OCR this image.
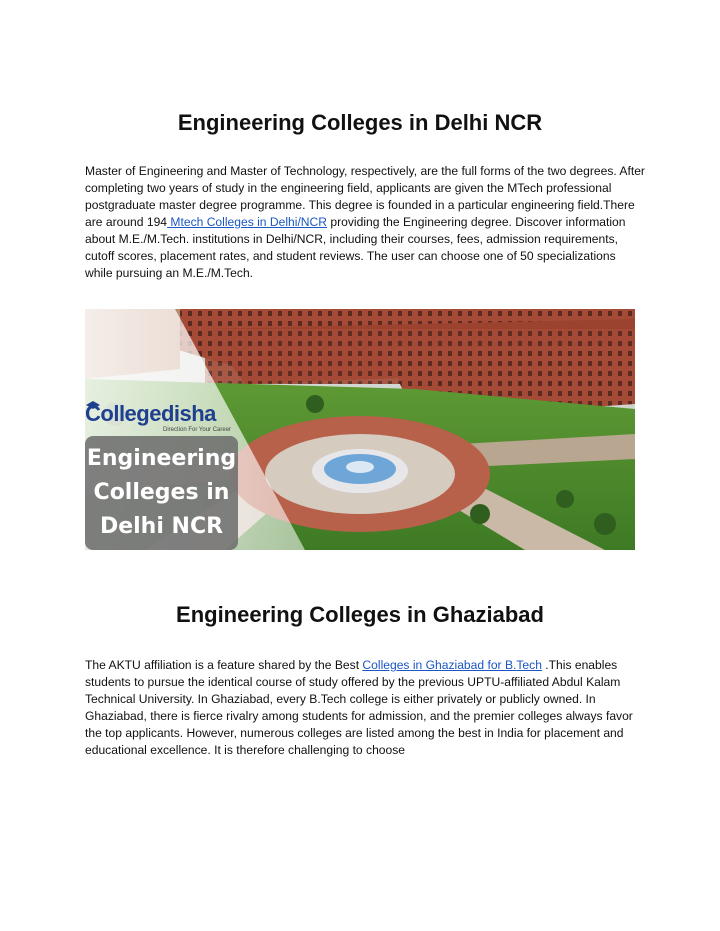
Engineering Colleges in Delhi NCR

Master of Engineering and Master of Technology, respectively, are the full forms of the two degrees. After completing two years of study in the engineering field, applicants are given the MTech professional postgraduate master degree programme. This degree is founded in a particular engineering field.There are around 194 Mtech Colleges in Delhi/NCR providing the Engineering degree. Discover information about M.E./M.Tech. institutions in Delhi/NCR, including their courses, fees, admission requirements, cutoff scores, placement rates, and student reviews. The user can choose one of 50 specializations while pursuing an M.E./M.Tech.

Collegedisha
Direction For Your Career
Engineering
Colleges in
Delhi NCR
Engineering Colleges in Ghaziabad

The AKTU affiliation is a feature shared by the Best Colleges in Ghaziabad for B.Tech .This enables students to pursue the identical course of study offered by the previous UPTU-affiliated Abdul Kalam Technical University. In Ghaziabad, every B.Tech college is either privately or publicly owned. In Ghaziabad, there is fierce rivalry among students for admission, and the premier colleges always favor the top applicants. However, numerous colleges are listed among the best in India for placement and educational excellence. It is therefore challenging to choose
